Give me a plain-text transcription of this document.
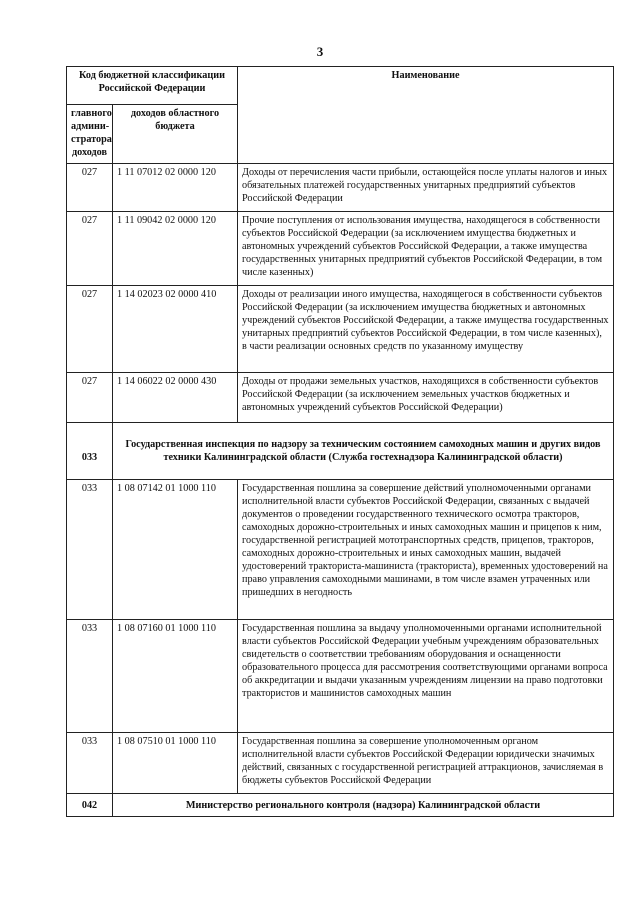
3
Код бюджетной классификации Российской Федерации		Наименование
главного админи-стратора доходов	доходов областного бюджета	
027	1 11 07012 02 0000 120	Доходы от перечисления части прибыли, остающейся после уплаты налогов и иных обязательных платежей государственных унитарных предприятий субъектов Российской Федерации
027	1 11 09042 02 0000 120	Прочие поступления от использования имущества, находящегося в собственности субъектов Российской Федерации (за исключением имущества бюджетных и автономных учреждений субъектов Российской Федерации, а также имущества государственных унитарных предприятий субъектов Российской Федерации, в том числе казенных)
027	1 14 02023 02 0000 410	Доходы от реализации иного имущества, находящегося в собственности субъектов Российской Федерации (за исключением имущества бюджетных и автономных учреждений субъектов Российской Федерации, а также имущества государственных унитарных предприятий субъектов Российской Федерации, в том числе казенных), в части реализации основных средств по указанному имуществу
027	1 14 06022 02 0000 430	Доходы от продажи земельных участков, находящихся в собственности субъектов Российской Федерации (за исключением земельных участков бюджетных и автономных учреждений субъектов Российской Федерации)
033	Государственная инспекция по надзору за техническим состоянием самоходных машин и других видов техники Калининградской области (Служба гостехнадзора Калининградской области)	
033	1 08 07142 01 1000 110	Государственная пошлина за совершение действий уполномоченными органами исполнительной власти субъектов Российской Федерации, связанных с выдачей документов о проведении государственного технического осмотра тракторов, самоходных дорожно-строительных и иных самоходных машин и прицепов к ним, государственной регистрацией мототранспортных средств, прицепов, тракторов, самоходных дорожно-строительных и иных самоходных машин, выдачей удостоверений тракториста-машиниста (тракториста), временных удостоверений на право управления самоходными машинами, в том числе взамен утраченных или пришедших в негодность
033	1 08 07160 01 1000 110	Государственная пошлина за выдачу уполномоченными органами исполнительной власти субъектов Российской Федерации учебным учреждениям образовательных свидетельств о соответствии требованиям оборудования и оснащенности образовательного процесса для рассмотрения соответствующими органами вопроса об аккредитации и выдачи указанным учреждениям лицензии на право подготовки трактористов и машинистов самоходных машин
033	1 08 07510 01 1000 110	Государственная пошлина за совершение уполномоченным органом исполнительной власти субъектов Российской Федерации юридически значимых действий, связанных с государственной регистрацией аттракционов, зачисляемая в бюджеты субъектов Российской Федерации
042	Министерство регионального контроля (надзора) Калининградской области	
